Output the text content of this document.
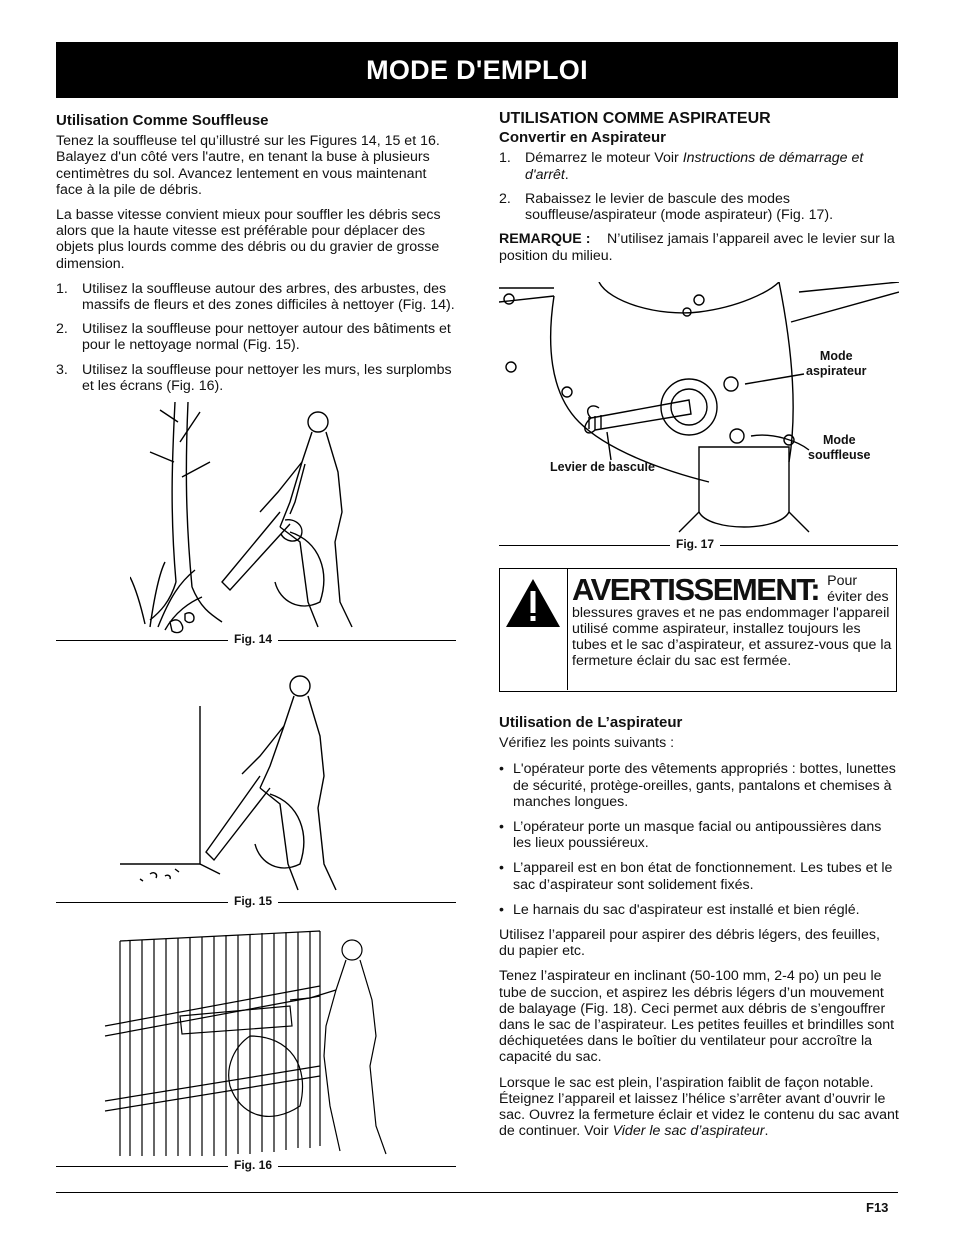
MODE D'EMPLOI
Utilisation Comme Souffleuse

Tenez la souffleuse tel qu’illustré sur les Figures 14, 15 et 16. Balayez d'un côté vers l'autre, en tenant la buse à plusieurs centimètres du sol. Avancez lentement en vous maintenant face à la pile de débris.

La basse vitesse convient mieux pour souffler les débris secs alors que la haute vitesse est préférable pour déplacer des objets plus lourds comme des débris ou du gravier de grosse dimension.

1. Utilisez la souffleuse autour des arbres, des arbustes, des massifs de fleurs et des zones difficiles à nettoyer (Fig. 14).
2. Utilisez la souffleuse pour nettoyer autour des bâtiments et pour le nettoyage normal (Fig. 15).
3. Utilisez la souffleuse pour nettoyer les murs, les surplombs et les écrans (Fig. 16).
Fig. 14
Fig. 15
Fig. 16
UTILISATION COMME ASPIRATEUR
Convertir en Aspirateur
1. Démarrez le moteur Voir Instructions de démarrage et d'arrêt.
2. Rabaissez le levier de bascule des modes souffleuse/aspirateur (mode aspirateur) (Fig. 17).
REMARQUE :	N’utilisez jamais l’appareil avec le levier sur la position du milieu.
Mode
aspirateur
Mode
souffleuse
Levier de bascule
Fig. 17
AVERTISSEMENT: Pour éviter des blessures graves et ne pas endommager l'appareil utilisé comme aspirateur, installez toujours les tubes et le sac d’aspirateur, et assurez-vous que la fermeture éclair du sac est fermée.
Utilisation de L’aspirateur

Vérifiez les points suivants :

• L'opérateur porte des vêtements appropriés : bottes, lunettes de sécurité, protège-oreilles, gants, pantalons et chemises à manches longues.
• L’opérateur porte un masque facial ou antipoussières dans les lieux poussiéreux.
• L’appareil est en bon état de fonctionnement. Les tubes et le sac d’aspirateur sont solidement fixés.
• Le harnais du sac d'aspirateur est installé et bien réglé.

Utilisez l’appareil pour aspirer des débris légers, des feuilles, du papier etc.

Tenez l’aspirateur en inclinant (50-100 mm, 2-4 po) un peu le tube de succion, et aspirez les débris légers d’un mouvement de balayage (Fig. 18). Ceci permet aux débris de s’engouffrer dans le sac de l’aspirateur. Les petites feuilles et brindilles sont déchiquetées dans le boîtier du ventilateur pour accroître la capacité du sac.

Lorsque le sac est plein, l’aspiration faiblit de façon notable. Éteignez l’appareil et laissez l’hélice s’arrêter avant d’ouvrir le sac. Ouvrez la fermeture éclair et videz le contenu du sac avant de continuer. Voir Vider le sac d’aspirateur.

F13
